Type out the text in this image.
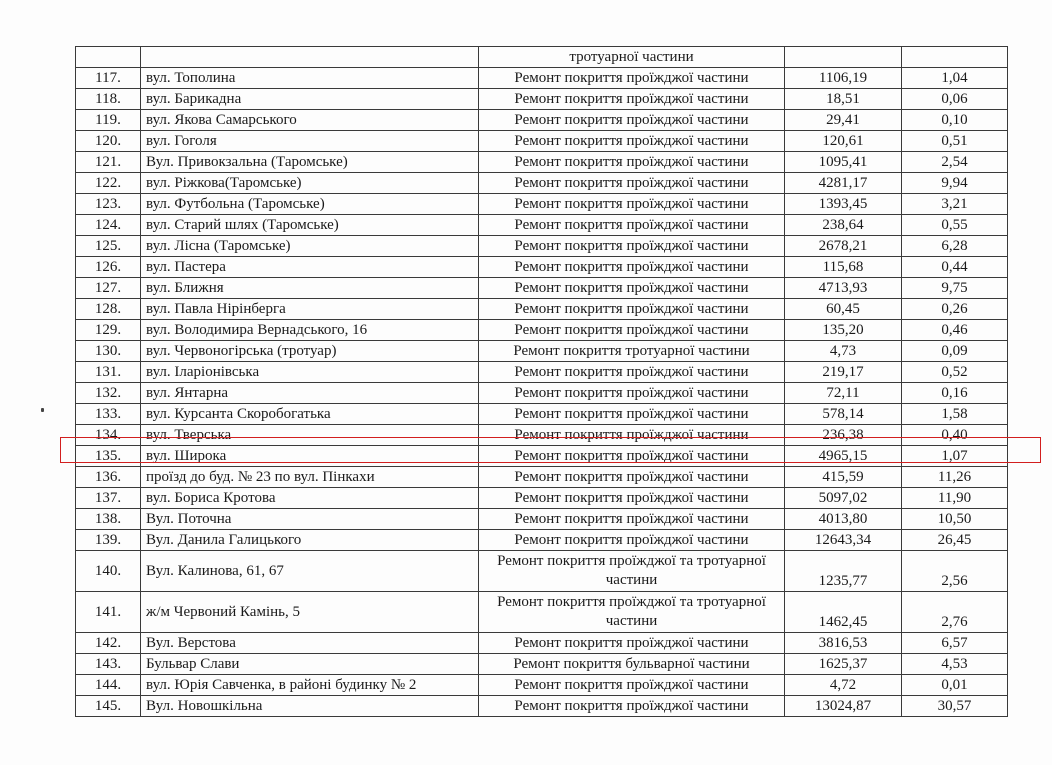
		тротуарної частини		
117.	вул. Тополина	Ремонт покриття проїжджої частини	1106,19	1,04
118.	вул. Барикадна	Ремонт покриття проїжджої частини	18,51	0,06
119.	вул. Якова Самарського	Ремонт покриття проїжджої частини	29,41	0,10
120.	вул. Гоголя	Ремонт покриття проїжджої частини	120,61	0,51
121.	Вул. Привокзальна (Таромське)	Ремонт покриття проїжджої частини	1095,41	2,54
122.	вул. Ріжкова(Таромське)	Ремонт покриття проїжджої частини	4281,17	9,94
123.	вул. Футбольна (Таромське)	Ремонт покриття проїжджої частини	1393,45	3,21
124.	вул. Старий шлях (Таромське)	Ремонт покриття проїжджої частини	238,64	0,55
125.	вул. Лісна (Таромське)	Ремонт покриття проїжджої частини	2678,21	6,28
126.	вул. Пастера	Ремонт покриття проїжджої частини	115,68	0,44
127.	вул. Ближня	Ремонт покриття проїжджої частини	4713,93	9,75
128.	вул. Павла Нірінберга	Ремонт покриття проїжджої частини	60,45	0,26
129.	вул. Володимира Вернадського, 16	Ремонт покриття проїжджої частини	135,20	0,46
130.	вул. Червоногірська (тротуар)	Ремонт покриття тротуарної частини	4,73	0,09
131.	вул. Іларіонівська	Ремонт покриття проїжджої частини	219,17	0,52
132.	вул. Янтарна	Ремонт покриття проїжджої частини	72,11	0,16
133.	вул. Курсанта Скоробогатька	Ремонт покриття проїжджої частини	578,14	1,58
134.	вул. Тверська	Ремонт покриття проїжджої частини	236,38	0,40
135.	вул. Широка	Ремонт покриття проїжджої частини	4965,15	1,07
136.	проїзд до буд. № 23 по вул. Пінкахи	Ремонт покриття проїжджої частини	415,59	11,26
137.	вул. Бориса Кротова	Ремонт покриття проїжджої частини	5097,02	11,90
138.	Вул. Поточна	Ремонт покриття проїжджої частини	4013,80	10,50
139.	Вул. Данила Галицького	Ремонт покриття проїжджої частини	12643,34	26,45
140.	Вул. Калинова, 61, 67	Ремонт покриття проїжджої та тротуарної частини	1235,77	2,56
141.	ж/м Червоний Камінь, 5	Ремонт покриття проїжджої та тротуарної частини	1462,45	2,76
142.	Вул. Верстова	Ремонт покриття проїжджої частини	3816,53	6,57
143.	Бульвар Слави	Ремонт покриття бульварної частини	1625,37	4,53
144.	вул. Юрія Савченка, в районі будинку № 2	Ремонт покриття проїжджої частини	4,72	0,01
145.	Вул. Новошкільна	Ремонт покриття проїжджої частини	13024,87	30,57
